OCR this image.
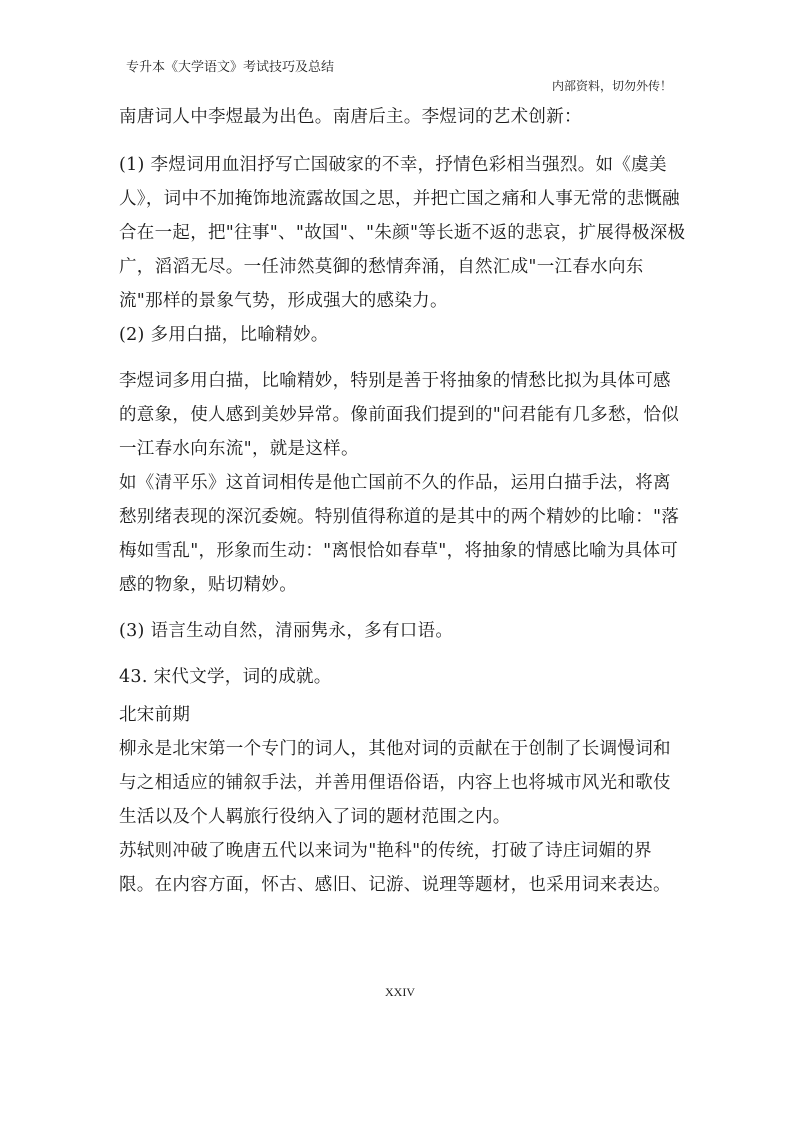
专升本《大学语文》考试技巧及总结
内部资料，切勿外传！

南唐词人中李煜最为出色。南唐后主。李煜词的艺术创新：

(1) 李煜词用血泪抒写亡国破家的不幸，抒情色彩相当强烈。如《虞美人》，词中不加掩饰地流露故国之思，并把亡国之痛和人事无常的悲慨融合在一起，把"往事"、"故国"、"朱颜"等长逝不返的悲哀，扩展得极深极广，滔滔无尽。一任沛然莫御的愁情奔涌，自然汇成"一江春水向东流"那样的景象气势，形成强大的感染力。

(2) 多用白描，比喻精妙。

李煜词多用白描，比喻精妙，特别是善于将抽象的情愁比拟为具体可感的意象，使人感到美妙异常。像前面我们提到的"问君能有几多愁，恰似一江春水向东流"，就是这样。

如《清平乐》这首词相传是他亡国前不久的作品，运用白描手法，将离愁别绪表现的深沉委婉。特别值得称道的是其中的两个精妙的比喻："落梅如雪乱"，形象而生动："离恨恰如春草"，将抽象的情感比喻为具体可感的物象，贴切精妙。

(3) 语言生动自然，清丽隽永，多有口语。

43. 宋代文学，词的成就。

北宋前期

柳永是北宋第一个专门的词人，其他对词的贡献在于创制了长调慢词和与之相适应的铺叙手法，并善用俚语俗语，内容上也将城市风光和歌伎生活以及个人羁旅行役纳入了词的题材范围之内。

苏轼则冲破了晚唐五代以来词为"艳科"的传统，打破了诗庄词媚的界限。在内容方面，怀古、感旧、记游、说理等题材，也采用词来表达。

XXIV
